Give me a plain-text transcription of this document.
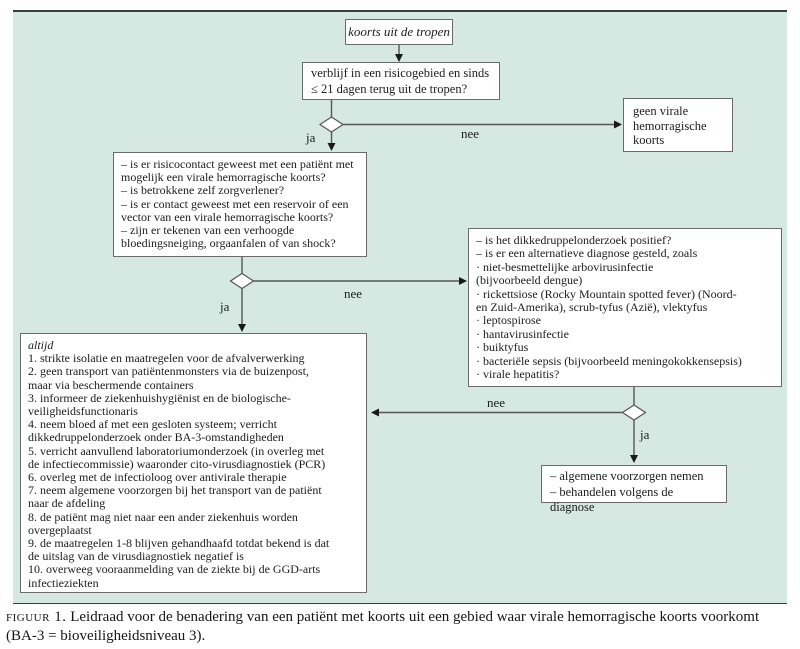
koorts uit de tropen
verblijf in een risicogebied en sinds
≤ 21 dagen terug uit de tropen?
geen virale
hemorragische
koorts
– is er risicocontact geweest met een patiënt met
mogelijk een virale hemorragische koorts?
– is betrokkene zelf zorgverlener?
– is er contact geweest met een reservoir of een
vector van een virale hemorragische koorts?
– zijn er tekenen van een verhoogde
bloedingsneiging, orgaanfalen of van shock?	– is het dikkedruppelonderzoek positief?
– is er een alternatieve diagnose gesteld, zoals
· niet-besmettelijke arbovirusinfectie
(bijvoorbeeld dengue)
· rickettsiose (Rocky Mountain spotted fever) (Noord-
en Zuid-Amerika), scrub-tyfus (Azië), vlektyfus
· leptospirose
· hantavirusinfectie
· buiktyfus
· bacteriële sepsis (bijvoorbeeld meningokokkensepsis)
· virale hepatitis?
altijd
1. strikte isolatie en maatregelen voor de afvalverwerking
2. geen transport van patiëntenmonsters via de buizenpost,
maar via beschermende containers
3. informeer de ziekenhuishygiënist en de biologische-
veiligheidsfunctionaris
4. neem bloed af met een gesloten systeem; verricht
dikkedruppelonderzoek onder BA-3-omstandigheden
5. verricht aanvullend laboratoriumonderzoek (in overleg met
de infectiecommissie) waaronder cito-virusdiagnostiek (PCR)
6. overleg met de infectioloog over antivirale therapie
7. neem algemene voorzorgen bij het transport van de patiënt
naar de afdeling
8. de patiënt mag niet naar een ander ziekenhuis worden
overgeplaatst
9. de maatregelen 1-8 blijven gehandhaafd totdat bekend is dat
de uitslag van de virusdiagnostiek negatief is
10. overweeg vooraanmelding van de ziekte bij de GGD-arts
infectieziekten
– algemene voorzorgen nemen
– behandelen volgens de diagnose
ja	nee
ja
nee
ja
nee
figuur 1. Leidraad voor de benadering van een patiënt met koorts uit een gebied waar virale hemorragische koorts voorkomt
(BA-3 = bioveiligheidsniveau 3).
